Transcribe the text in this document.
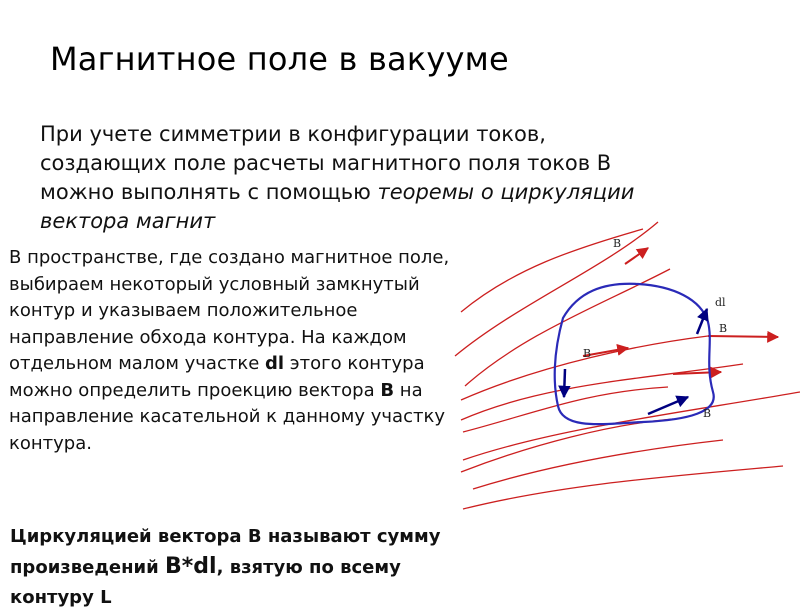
Магнитное поле в вакууме

При учете симметрии в конфигурации токов, создающих поле расчеты магнитного поля токов B можно выполнять с помощью теоремы о циркуляции вектора магнит

B
dl
B
B
B

В пространстве, где создано магнитное поле, выбираем некоторый условный замкнутый контур и указываем положительное направление обхода контура. На каждом отдельном малом участке dl этого контура можно определить проекцию вектора B на направление касательной к данному участку контура.

Циркуляцией вектора B называют сумму произведений B*dl, взятую по всему контуру L
